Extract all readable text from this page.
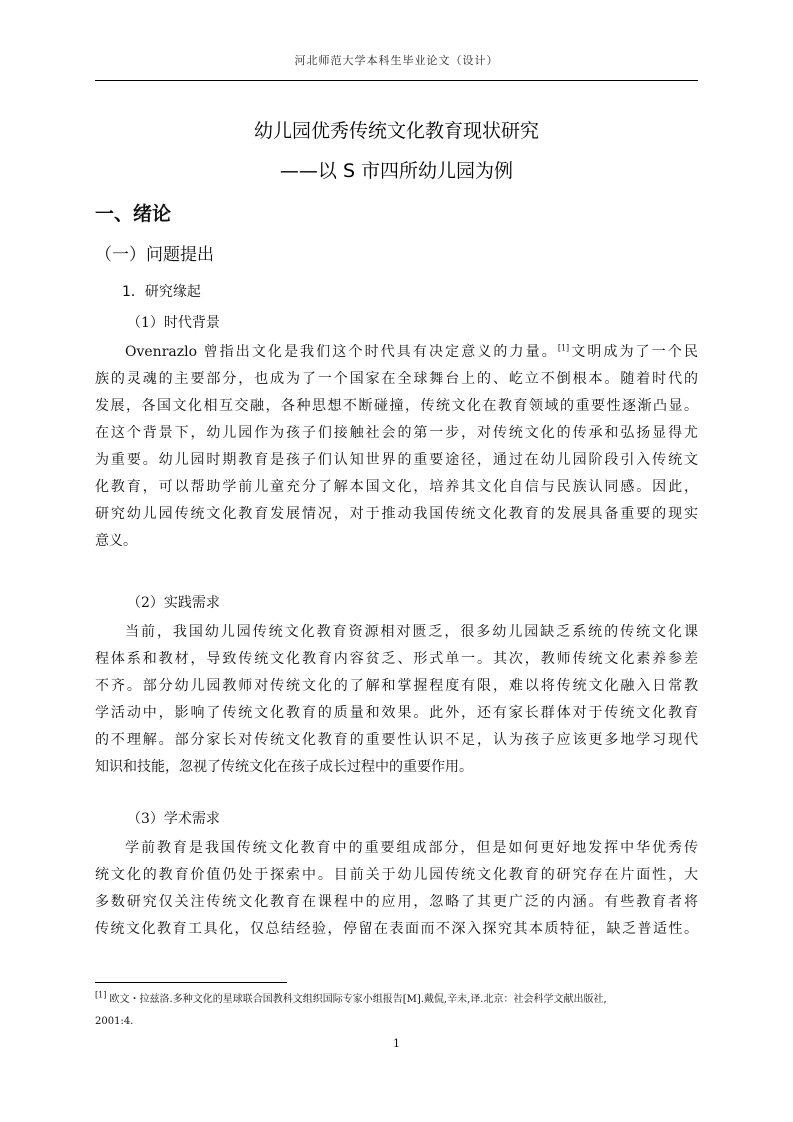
河北师范大学本科生毕业论文（设计）
幼儿园优秀传统文化教育现状研究
——以 S 市四所幼儿园为例
一、绪论
（一）问题提出
1．研究缘起
（1）时代背景
Ovenrazlo 曾指出文化是我们这个时代具有决定意义的力量。[1]文明成为了一个民
族的灵魂的主要部分，也成为了一个国家在全球舞台上的、屹立不倒根本。随着时代的
发展，各国文化相互交融，各种思想不断碰撞，传统文化在教育领域的重要性逐渐凸显。
在这个背景下，幼儿园作为孩子们接触社会的第一步，对传统文化的传承和弘扬显得尤
为重要。幼儿园时期教育是孩子们认知世界的重要途径，通过在幼儿园阶段引入传统文
化教育，可以帮助学前儿童充分了解本国文化，培养其文化自信与民族认同感。因此，
研究幼儿园传统文化教育发展情况，对于推动我国传统文化教育的发展具备重要的现实
意义。
（2）实践需求
当前，我国幼儿园传统文化教育资源相对匮乏，很多幼儿园缺乏系统的传统文化课
程体系和教材，导致传统文化教育内容贫乏、形式单一。其次，教师传统文化素养参差
不齐。部分幼儿园教师对传统文化的了解和掌握程度有限，难以将传统文化融入日常教
学活动中，影响了传统文化教育的质量和效果。此外，还有家长群体对于传统文化教育
的不理解。部分家长对传统文化教育的重要性认识不足，认为孩子应该更多地学习现代
知识和技能，忽视了传统文化在孩子成长过程中的重要作用。
（3）学术需求
学前教育是我国传统文化教育中的重要组成部分，但是如何更好地发挥中华优秀传
统文化的教育价值仍处于探索中。目前关于幼儿园传统文化教育的研究存在片面性，大
多数研究仅关注传统文化教育在课程中的应用，忽略了其更广泛的内涵。有些教育者将
传统文化教育工具化，仅总结经验，停留在表面而不深入探究其本质特征，缺乏普适性。
[1] 欧文・拉兹洛.多种文化的星球联合国教科文组织国际专家小组报告[M].戴侃,辛未,译.北京：社会科学文献出版社,
2001:4.
1
